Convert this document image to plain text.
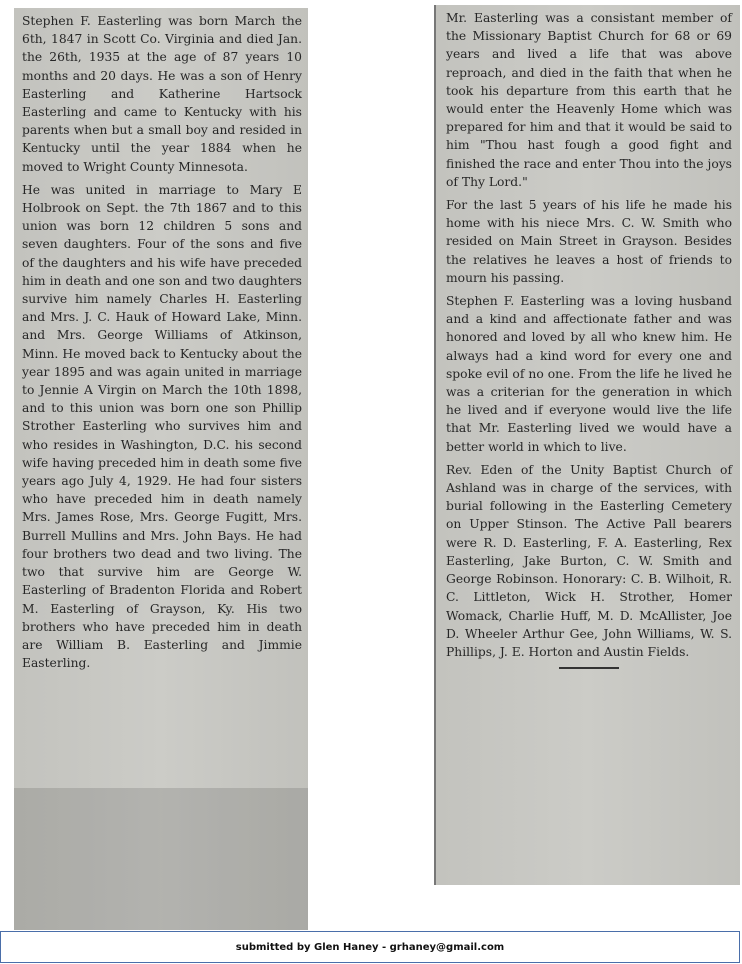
Stephen F. Easterling was born March the 6th, 1847 in Scott Co. Virginia and died Jan. the 26th, 1935 at the age of 87 years 10 months and 20 days. He was a son of Henry Easterling and Katherine Hartsock Easterling and came to Kentucky with his parents when but a small boy and resided in Kentucky until the year 1884 when he moved to Wright County Minnesota.

He was united in marriage to Mary E Holbrook on Sept. the 7th 1867 and to this union was born 12 children 5 sons and seven daughters. Four of the sons and five of the daughters and his wife have preceded him in death and one son and two daughters survive him namely Charles H. Easterling and Mrs. J. C. Hauk of Howard Lake, Minn. and Mrs. George Williams of Atkinson, Minn. He moved back to Kentucky about the year 1895 and was again united in marriage to Jennie A Virgin on March the 10th 1898, and to this union was born one son Phillip Strother Easterling who survives him and who resides in Washington, D.C. his second wife having preceded him in death some five years ago July 4, 1929. He had four sisters who have preceded him in death namely Mrs. James Rose, Mrs. George Fugitt, Mrs. Burrell Mullins and Mrs. John Bays. He had four brothers two dead and two living. The two that survive him are George W. Easterling of Bradenton Florida and Robert M. Easterling of Grayson, Ky. His two brothers who have preceded him in death are William B. Easterling and Jimmie Easterling.

Mr. Easterling was a consistant member of the Missionary Baptist Church for 68 or 69 years and lived a life that was above reproach, and died in the faith that when he took his departure from this earth that he would enter the Heavenly Home which was prepared for him and that it would be said to him "Thou hast fough a good fight and finished the race and enter Thou into the joys of Thy Lord."

For the last 5 years of his life he made his home with his niece Mrs. C. W. Smith who resided on Main Street in Grayson. Besides the relatives he leaves a host of friends to mourn his passing.

Stephen F. Easterling was a loving husband and a kind and affectionate father and was honored and loved by all who knew him. He always had a kind word for every one and spoke evil of no one. From the life he lived he was a criterian for the generation in which he lived and if everyone would live the life that Mr. Easterling lived we would have a better world in which to live.

Rev. Eden of the Unity Baptist Church of Ashland was in charge of the services, with burial following in the Easterling Cemetery on Upper Stinson. The Active Pall bearers were R. D. Easterling, F. A. Easterling, Rex Easterling, Jake Burton, C. W. Smith and George Robinson. Honorary: C. B. Wilhoit, R. C. Littleton, Wick H. Strother, Homer Womack, Charlie Huff, M. D. McAllister, Joe D. Wheeler Arthur Gee, John Williams, W. S. Phillips, J. E. Horton and Austin Fields.

submitted by Glen Haney - grhaney@gmail.com
